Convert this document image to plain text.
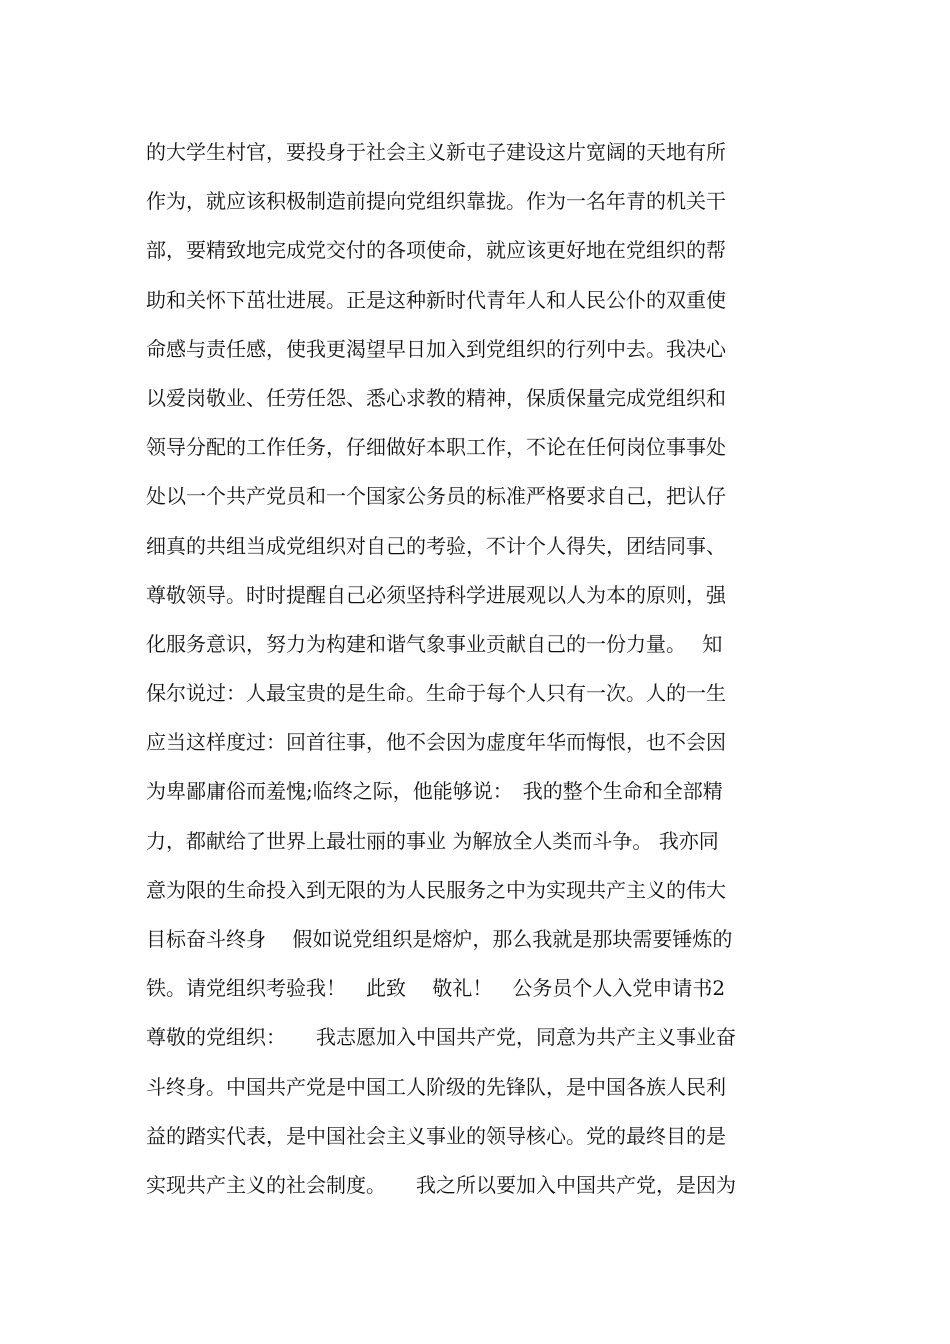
的大学生村官，要投身于社会主义新屯子建设这片宽阔的天地有所
作为，就应该积极制造前提向党组织靠拢。作为一名年青的机关干
部，要精致地完成党交付的各项使命，就应该更好地在党组织的帮
助和关怀下茁壮进展。正是这种新时代青年人和人民公仆的双重使
命感与责任感，使我更渴望早日加入到党组织的行列中去。我决心
以爱岗敬业、任劳任怨、悉心求教的精神，保质保量完成党组织和
领导分配的工作任务，仔细做好本职工作，不论在任何岗位事事处
处以一个共产党员和一个国家公务员的标准严格要求自己，把认仔
细真的共组当成党组织对自己的考验，不计个人得失，团结同事、
尊敬领导。时时提醒自己必须坚持科学进展观以人为本的原则，强
化服务意识，努力为构建和谐气象事业贡献自己的一份力量。　 知
保尔说过：人最宝贵的是生命。生命于每个人只有一次。人的一生
应当这样度过：回首往事，他不会因为虚度年华而悔恨，也不会因
为卑鄙庸俗而羞愧;临终之际，他能够说：　我的整个生命和全部精
力，都献给了世界上最壮丽的事业 为解放全人类而斗争。 我亦同
意为限的生命投入到无限的为人民服务之中为实现共产主义的伟大
目标奋斗终身　 假如说党组织是熔炉，那么我就是那块需要锤炼的
铁。请党组织考验我！　此致　 敬礼！　公务员个人入党申请书2
尊敬的党组织：　　我志愿加入中国共产党，同意为共产主义事业奋
斗终身。中国共产党是中国工人阶级的先锋队，是中国各族人民利
益的踏实代表，是中国社会主义事业的领导核心。党的最终目的是
实现共产主义的社会制度。　　我之所以要加入中国共产党，是因为
